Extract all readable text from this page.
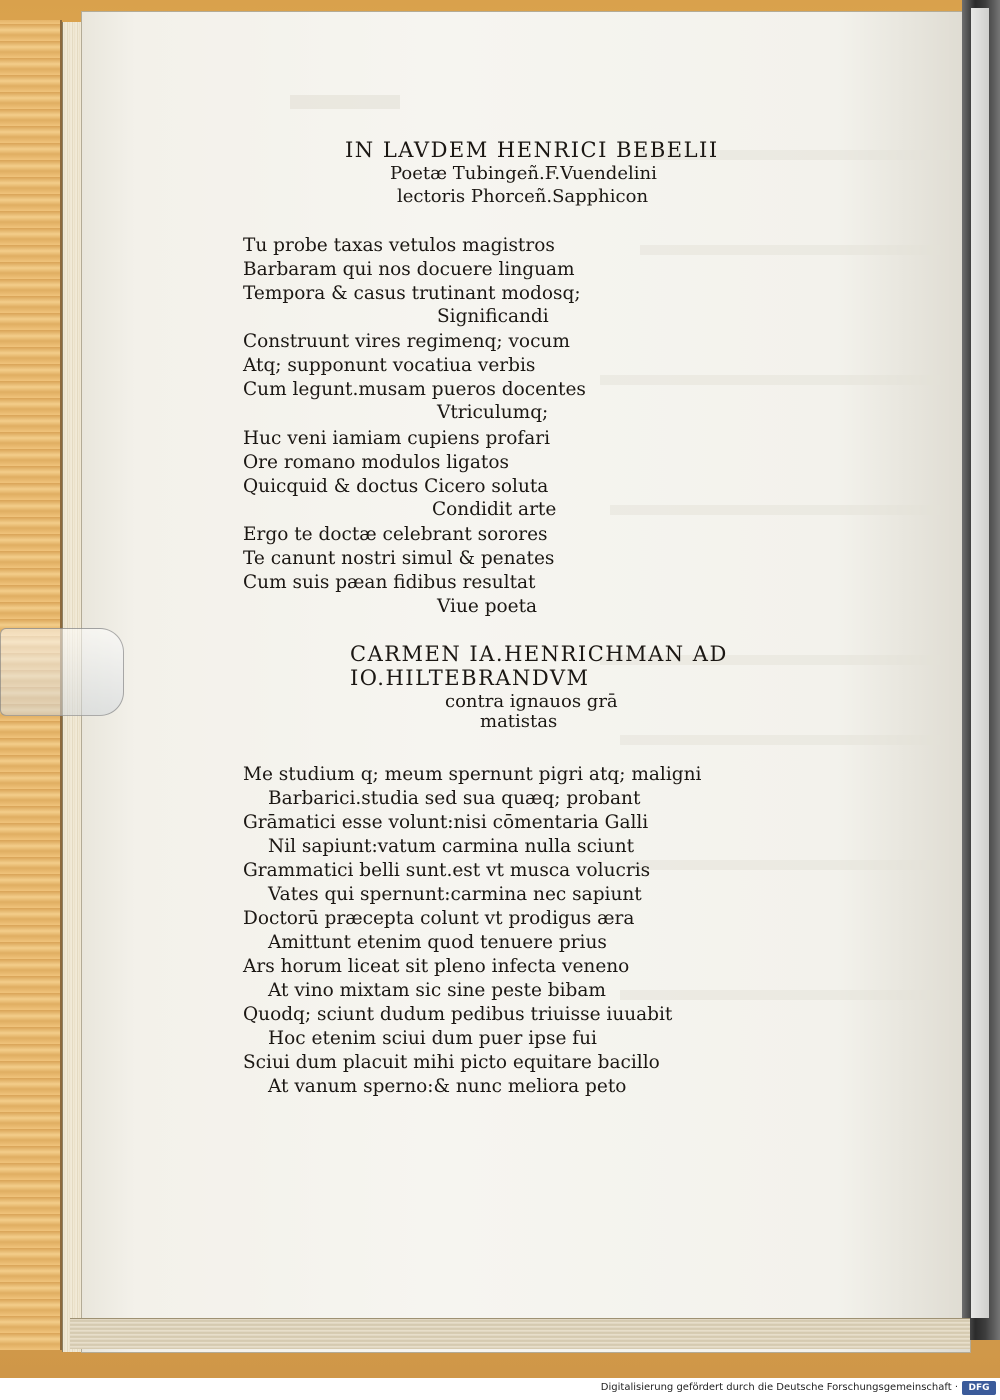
IN LAVDEM HENRICI BEBELII
Poetæ Tubingeñ.F.Vuendelini
lectoris Phorceñ.Sapphicon
Tu probe taxas vetulos magistros
Barbaram qui nos docuere linguam
Tempora & casus trutinant modosq;
Significandi
Construunt vires regimenq; vocum
Atq; supponunt vocatiua verbis
Cum legunt.musam pueros docentes
Vtriculumq;
Huc veni iamiam cupiens profari
Ore romano modulos ligatos
Quicquid & doctus Cicero soluta
Condidit arte
Ergo te doctæ celebrant sorores
Te canunt nostri simul & penates
Cum suis pæan fidibus resultat
Viue poeta
CARMEN IA.HENRICHMAN AD
IO.HILTEBRANDVM
contra ignauos grā
matistas
Me studium q; meum spernunt pigri atq; maligni
Barbarici.studia sed sua quæq; probant
Grāmatici esse volunt:nisi cōmentaria Galli
Nil sapiunt:vatum carmina nulla sciunt
Grammatici belli sunt.est vt musca volucris
Vates qui spernunt:carmina nec sapiunt
Doctorū præcepta colunt vt prodigus æra
Amittunt etenim quod tenuere prius
Ars horum liceat sit pleno infecta veneno
At vino mixtam sic sine peste bibam
Quodq; sciunt dudum pedibus triuisse iuuabit
Hoc etenim sciui dum puer ipse fui
Sciui dum placuit mihi picto equitare bacillo
At vanum sperno:& nunc meliora peto
Digitalisierung gefördert durch die Deutsche Forschungsgemeinschaft ·	DFG
